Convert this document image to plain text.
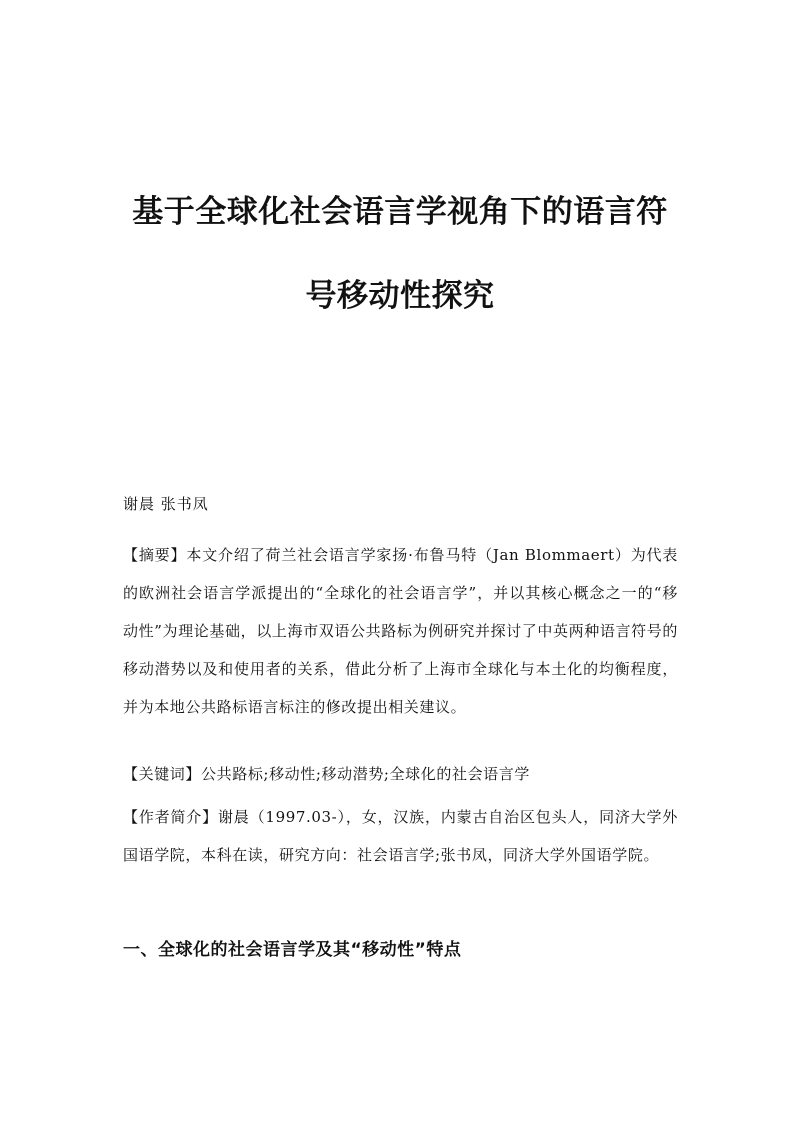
基于全球化社会语言学视角下的语言符
号移动性探究

谢晨 张书凤

【摘要】本文介绍了荷兰社会语言学家扬·布鲁马特（Jan Blommaert）为代表的欧洲社会语言学派提出的“全球化的社会语言学”，并以其核心概念之一的“移动性”为理论基础，以上海市双语公共路标为例研究并探讨了中英两种语言符号的移动潜势以及和使用者的关系，借此分析了上海市全球化与本土化的均衡程度，并为本地公共路标语言标注的修改提出相关建议。

【关键词】公共路标;移动性;移动潜势;全球化的社会语言学

【作者简介】谢晨（1997.03-），女，汉族，内蒙古自治区包头人，同济大学外国语学院，本科在读，研究方向：社会语言学;张书凤，同济大学外国语学院。

一、全球化的社会语言学及其“移动性”特点
